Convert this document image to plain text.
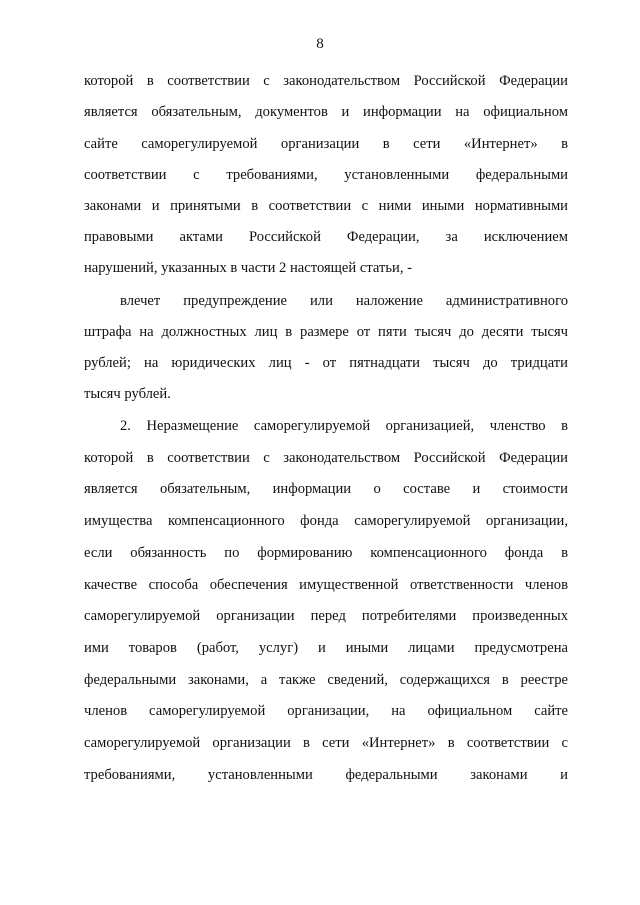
8
которой в соответствии с законодательством Российской Федерации
является обязательным, документов и информации на официальном
сайте саморегулируемой организации в сети «Интернет» в
соответствии с требованиями, установленными федеральными
законами и принятыми в соответствии с ними иными нормативными
правовыми актами Российской Федерации, за исключением
нарушений, указанных в части 2 настоящей статьи, -
влечет предупреждение или наложение административного
штрафа на должностных лиц в размере от пяти тысяч до десяти тысяч
рублей; на юридических лиц - от пятнадцати тысяч до тридцати
тысяч рублей.
2. Неразмещение саморегулируемой организацией, членство в
которой в соответствии с законодательством Российской Федерации
является обязательным, информации о составе и стоимости
имущества компенсационного фонда саморегулируемой организации,
если обязанность по формированию компенсационного фонда в
качестве способа обеспечения имущественной ответственности членов
саморегулируемой организации перед потребителями произведенных
ими товаров (работ, услуг) и иными лицами предусмотрена
федеральными законами, а также сведений, содержащихся в реестре
членов саморегулируемой организации, на официальном сайте
саморегулируемой организации в сети «Интернет» в соответствии с
требованиями, установленными федеральными законами и
